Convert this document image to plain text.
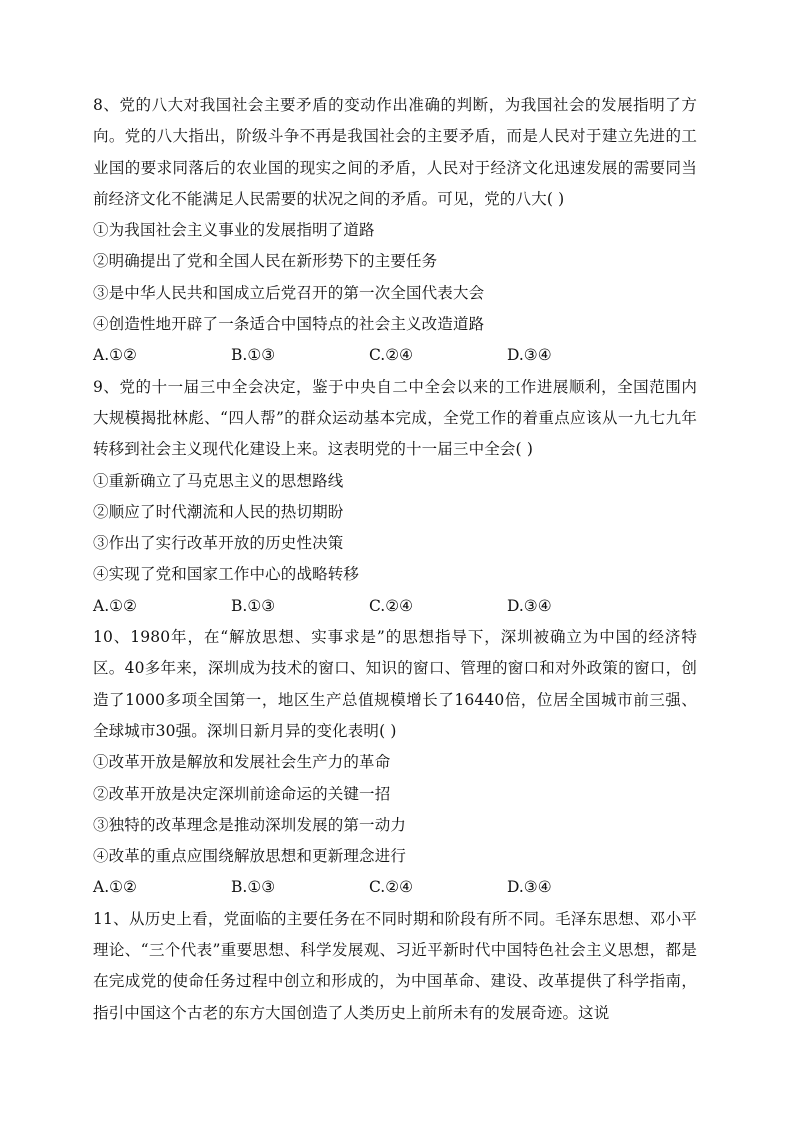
8、党的八大对我国社会主要矛盾的变动作出准确的判断，为我国社会的发展指明了方向。党的八大指出，阶级斗争不再是我国社会的主要矛盾，而是人民对于建立先进的工业国的要求同落后的农业国的现实之间的矛盾，人民对于经济文化迅速发展的需要同当前经济文化不能满足人民需要的状况之间的矛盾。可见，党的八大( )

①为我国社会主义事业的发展指明了道路

②明确提出了党和全国人民在新形势下的主要任务

③是中华人民共和国成立后党召开的第一次全国代表大会

④创造性地开辟了一条适合中国特点的社会主义改造道路

A.①②	B.①③	C.②④	D.③④

9、党的十一届三中全会决定，鉴于中央自二中全会以来的工作进展顺利，全国范围内大规模揭批林彪、“四人帮”的群众运动基本完成，全党工作的着重点应该从一九七九年转移到社会主义现代化建设上来。这表明党的十一届三中全会( )

①重新确立了马克思主义的思想路线

②顺应了时代潮流和人民的热切期盼

③作出了实行改革开放的历史性决策

④实现了党和国家工作中心的战略转移

A.①②	B.①③	C.②④	D.③④

10、1980年，在“解放思想、实事求是”的思想指导下，深圳被确立为中国的经济特区。40多年来，深圳成为技术的窗口、知识的窗口、管理的窗口和对外政策的窗口，创造了1000多项全国第一，地区生产总值规模增长了16440倍，位居全国城市前三强、全球城市30强。深圳日新月异的变化表明( )

①改革开放是解放和发展社会生产力的革命

②改革开放是决定深圳前途命运的关键一招

③独特的改革理念是推动深圳发展的第一动力

④改革的重点应围绕解放思想和更新理念进行

A.①②	B.①③	C.②④	D.③④

11、从历史上看，党面临的主要任务在不同时期和阶段有所不同。毛泽东思想、邓小平理论、“三个代表”重要思想、科学发展观、习近平新时代中国特色社会主义思想，都是在完成党的使命任务过程中创立和形成的，为中国革命、建设、改革提供了科学指南，指引中国这个古老的东方大国创造了人类历史上前所未有的发展奇迹。这说
